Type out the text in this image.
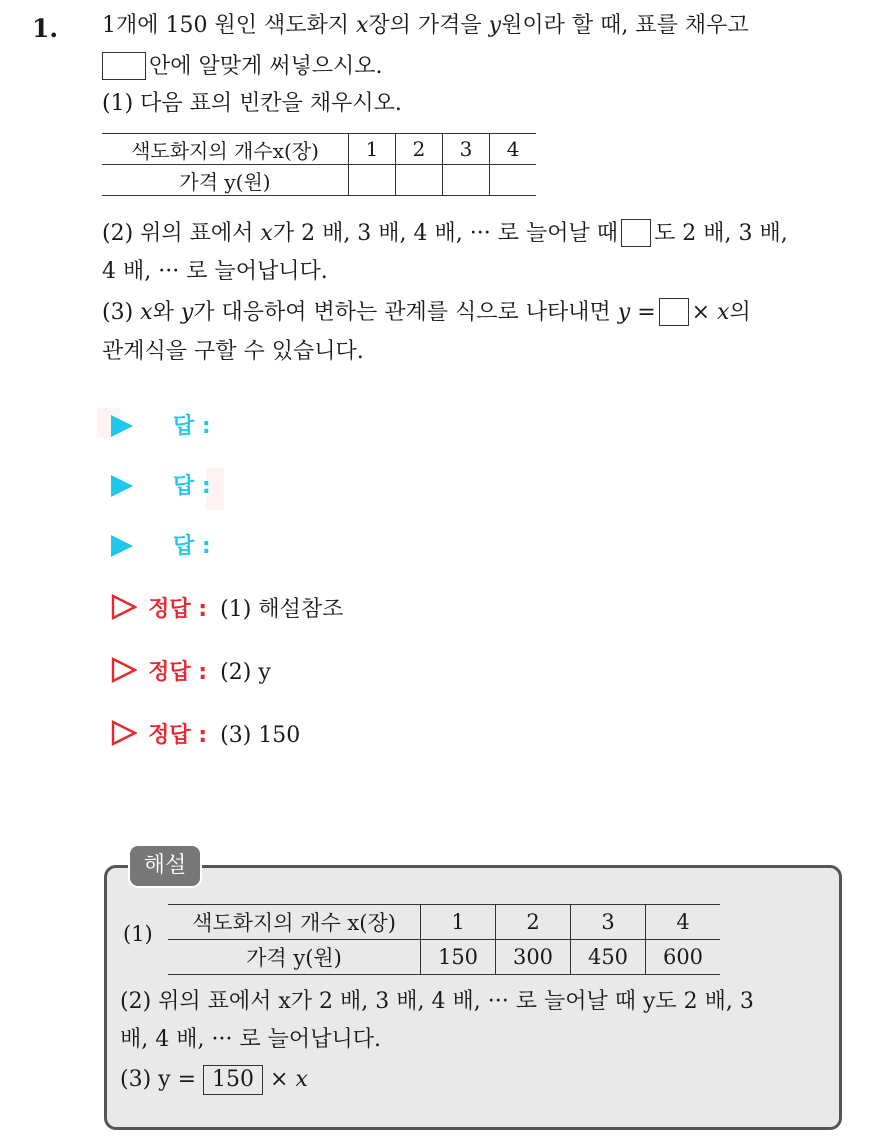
1. 1개에 150 원인 색도화지 x장의 가격을 y원이라 할 때, 표를 채우고
안에 알맞게 써넣으시오.
(1) 다음 표의 빈칸을 채우시오.
색도화지의 개수x(장)	1	2	3	4
가격 y(원)				
(2) 위의 표에서 x가 2 배, 3 배, 4 배, ··· 로 늘어날 때 도 2 배, 3 배,
4 배, ··· 로 늘어납니다.
(3) x와 y가 대응하여 변하는 관계를 식으로 나타내면 y = × x의
관계식을 구할 수 있습니다.
답 :
답 :
답 :
정답 : (1) 해설참조
정답 : (2) y
정답 : (3) 150
해설
(1) 색도화지의 개수 x(장)	1	2	3	4
가격 y(원)	150	300	450	600
(2) 위의 표에서 x가 2 배, 3 배, 4 배, ··· 로 늘어날 때 y도 2 배, 3
배, 4 배, ··· 로 늘어납니다.
(3) y = 150 × x
